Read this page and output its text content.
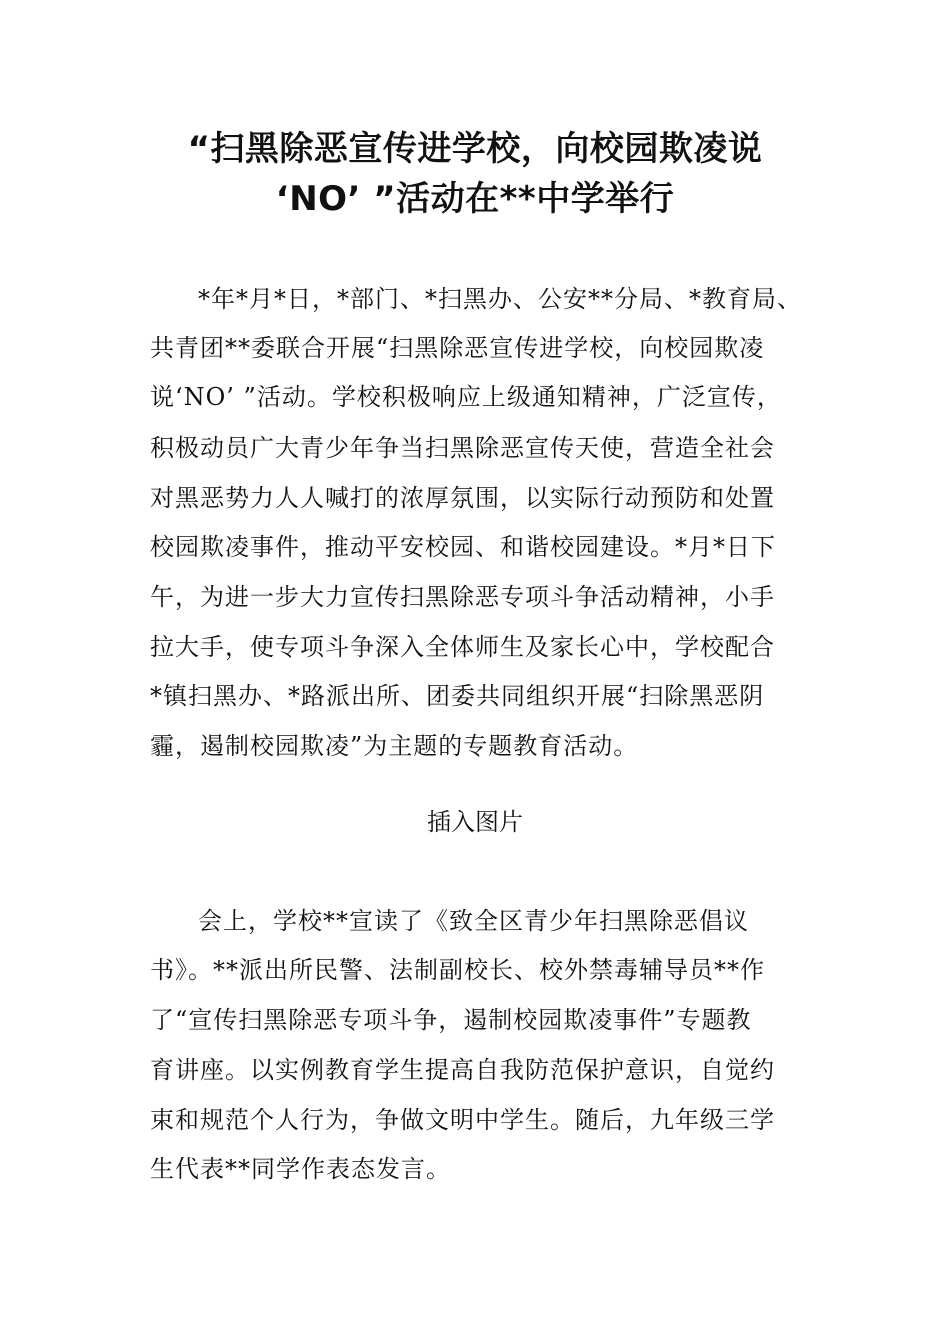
“扫黑除恶宣传进学校，向校园欺凌说
‘NO’ ”活动在**中学举行
*年*月*日，*部门、*扫黑办、公安**分局、*教育局、
共青团**委联合开展“扫黑除恶宣传进学校，向校园欺凌
说‘NO’ ”活动。学校积极响应上级通知精神，广泛宣传，
积极动员广大青少年争当扫黑除恶宣传天使，营造全社会
对黑恶势力人人喊打的浓厚氛围，以实际行动预防和处置
校园欺凌事件，推动平安校园、和谐校园建设。*月*日下
午，为进一步大力宣传扫黑除恶专项斗争活动精神，小手
拉大手，使专项斗争深入全体师生及家长心中，学校配合
*镇扫黑办、*路派出所、团委共同组织开展“扫除黑恶阴
霾，遏制校园欺凌”为主题的专题教育活动。
插入图片
会上，学校**宣读了《致全区青少年扫黑除恶倡议
书》。**派出所民警、法制副校长、校外禁毒辅导员**作
了“宣传扫黑除恶专项斗争，遏制校园欺凌事件”专题教
育讲座。以实例教育学生提高自我防范保护意识，自觉约
束和规范个人行为，争做文明中学生。随后，九年级三学
生代表**同学作表态发言。
